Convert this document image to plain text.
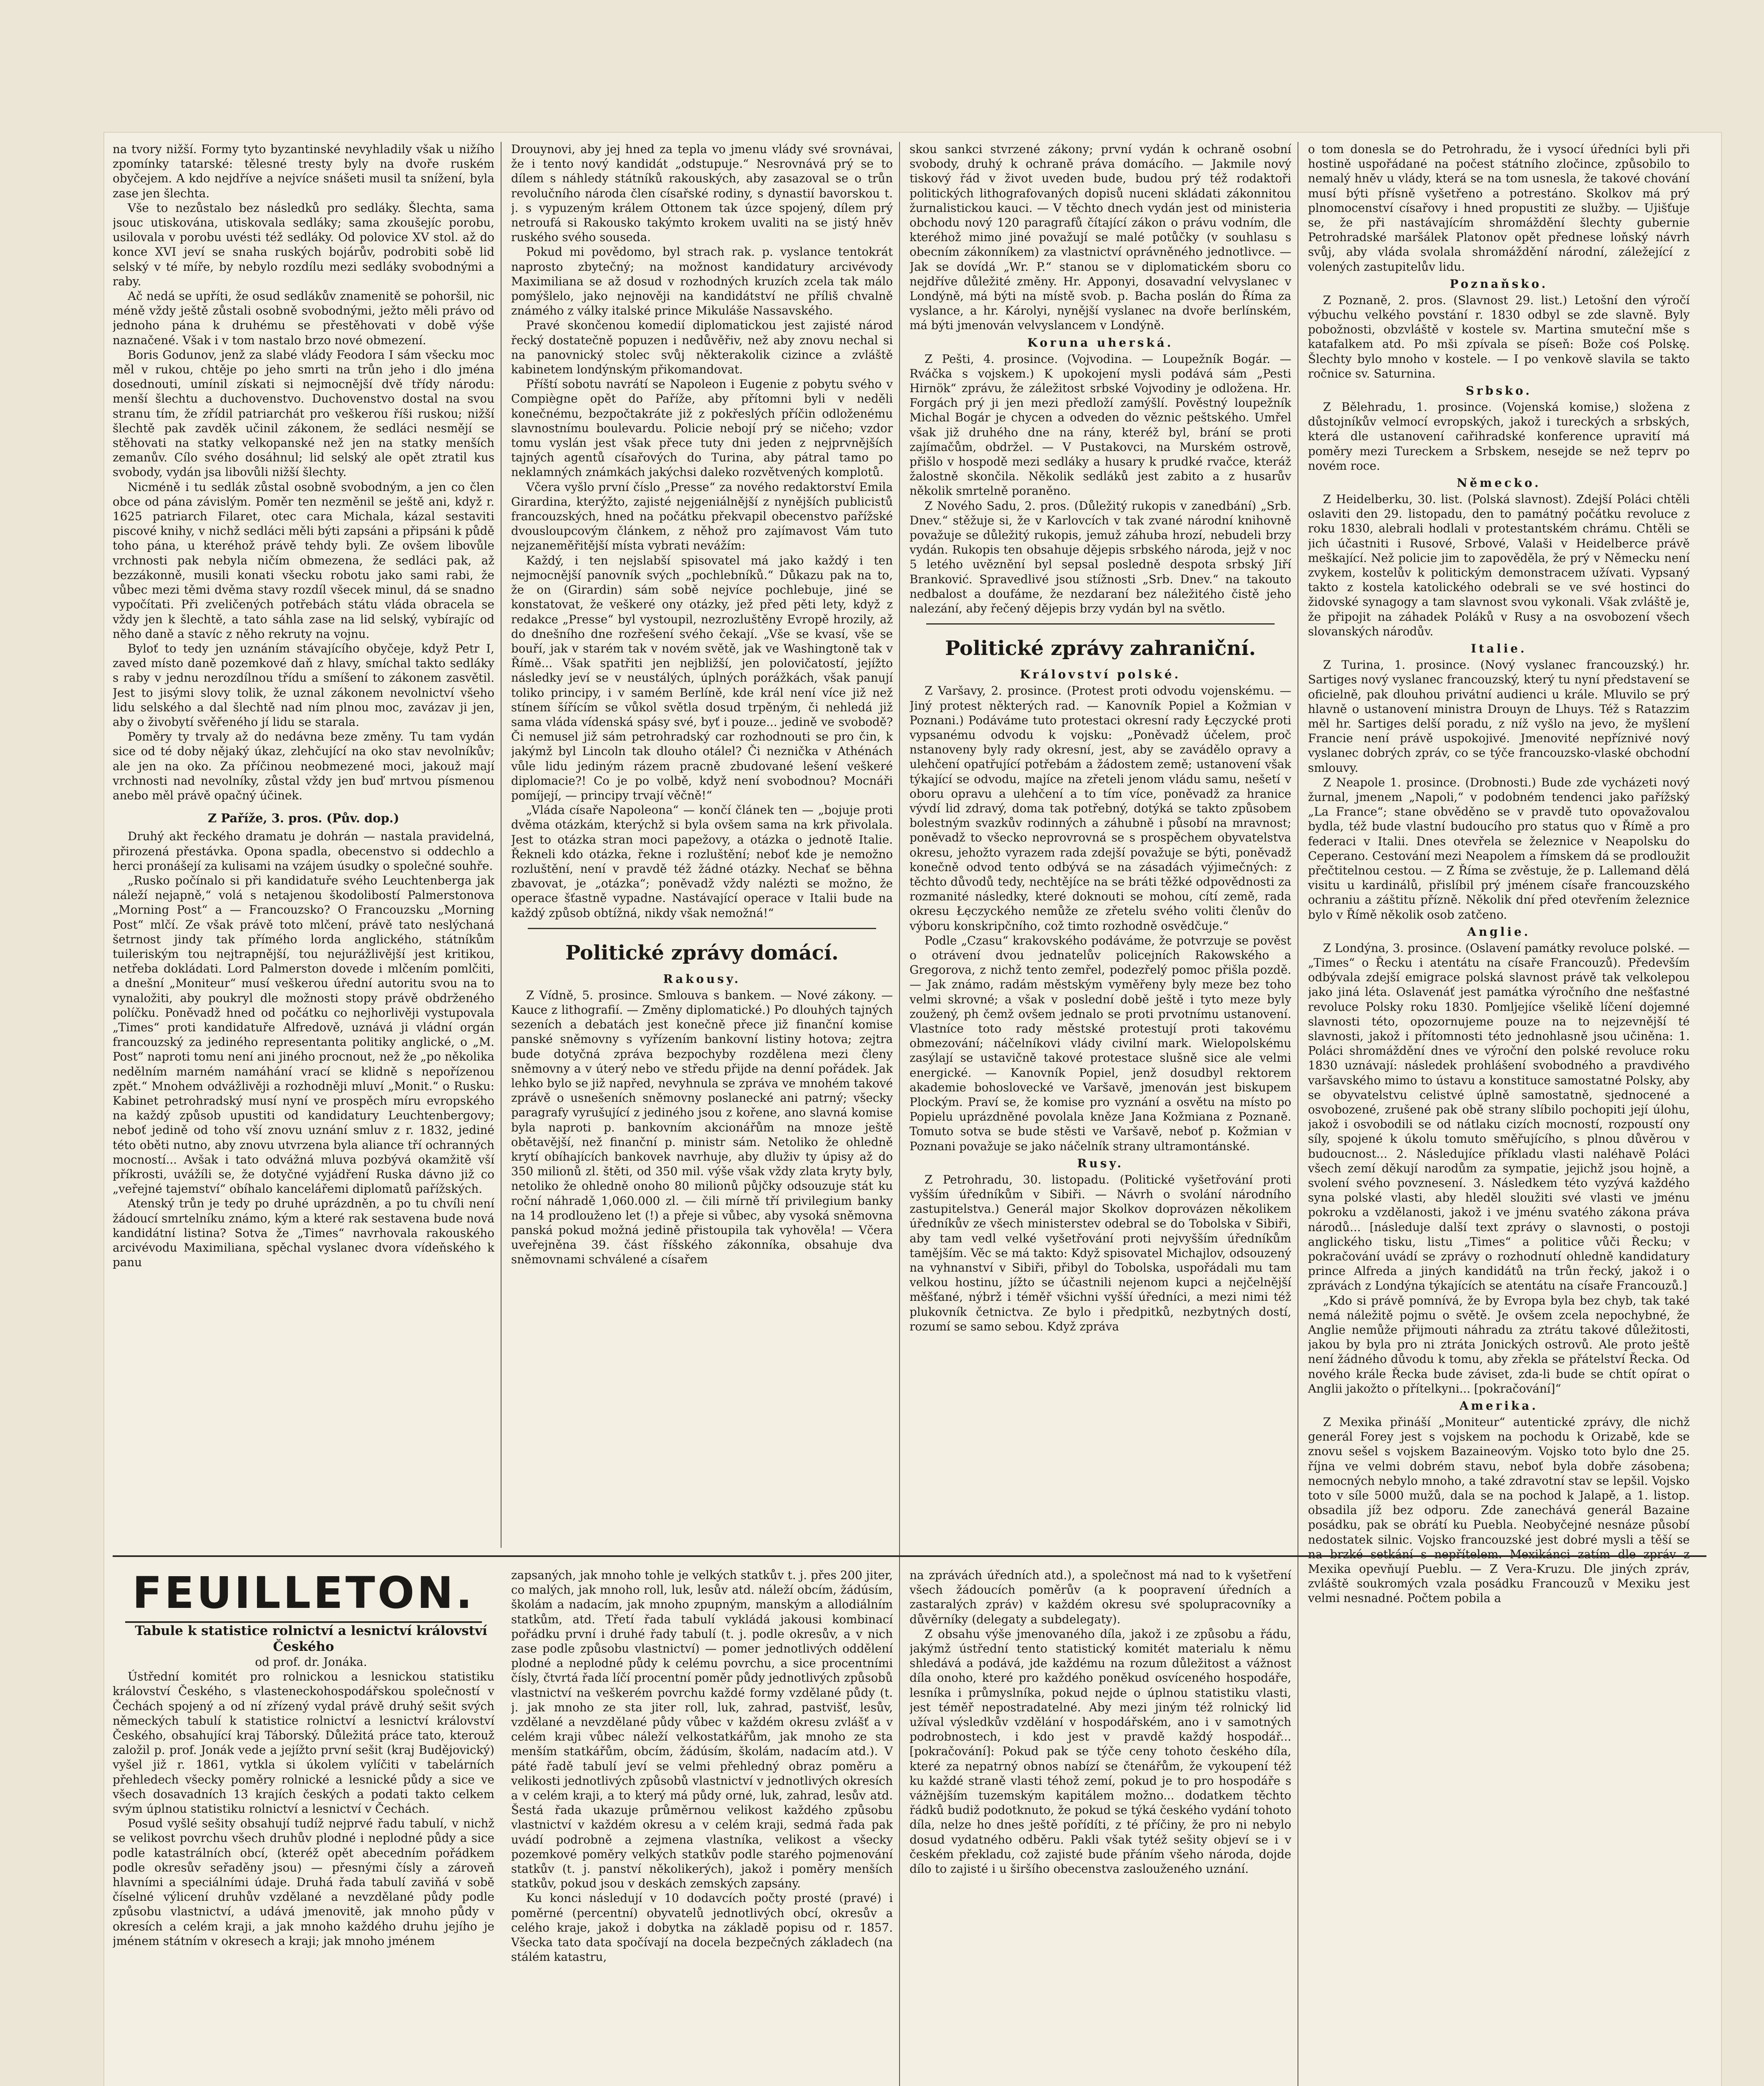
na tvory nižší. Formy tyto byzantinské nevyhladily však u nižího zpomínky tatarské: tělesné tresty byly na dvoře ruském obyčejem. A kdo nejdříve a nejvíce snášeti musil ta snížení, byla zase jen šlechta.

Vše to nezůstalo bez následků pro sedláky. Šlechta, sama jsouc utiskována, utiskovala sedláky; sama zkoušejíc porobu, usilovala v porobu uvésti též sedláky. Od polovice XV stol. až do konce XVI jeví se snaha ruských bojárův, podrobiti sobě lid selský v té míře, by nebylo rozdílu mezi sedláky svobodnými a raby.

Ač nedá se upříti, že osud sedlákův znamenitě se pohoršil, nic méně vždy ještě zůstali osobně svobodnými, ježto měli právo od jednoho pána k druhému se přestěhovati v době výše naznačené. Však i v tom nastalo brzo nové obmezení.

Boris Godunov, jenž za slabé vlády Feodora I sám všecku moc měl v rukou, chtěje po jeho smrti na trůn jeho i dlo jména dosednouti, umínil získati si nejmocnější dvě třídy národu: menší šlechtu a duchovenstvo. Duchovenstvo dostal na svou stranu tím, že zřídil patriarchát pro veškerou říši ruskou; nižší šlechtě pak zavděk učinil zákonem, že sedláci nesmějí se stěhovati na statky velkopanské než jen na statky menších zemanův. Cílo svého dosáhnul; lid selský ale opět ztratil kus svobody, vydán jsa libovůli nižší šlechty.

Nicméně i tu sedlák zůstal osobně svobodným, a jen co člen obce od pána závislým. Poměr ten nezměnil se ještě ani, když r. 1625 patriarch Filaret, otec cara Michala, kázal sestaviti piscové knihy, v nichž sedláci měli býti zapsáni a připsáni k půdě toho pána, u kteréhož právě tehdy byli. Ze ovšem libovůle vrchnosti pak nebyla ničím obmezena, že sedláci pak, až bezzákonně, musili konati všecku robotu jako sami rabi, že vůbec mezi těmi dvěma stavy rozdíl všecek minul, dá se snadno vypočítati. Při zveličených potřebách státu vláda obracela se vždy jen k šlechtě, a tato sáhla zase na lid selský, vybírajíc od něho daně a stavíc z něho rekruty na vojnu.

Byloť to tedy jen uznáním stávajícího obyčeje, když Petr I, zaved místo daně pozemkové daň z hlavy, smíchal takto sedláky s raby v jednu nerozdílnou třídu a smíšení to zákonem zasvětil. Jest to jisými slovy tolik, že uznal zákonem nevolnictví všeho lidu selského a dal šlechtě nad ním plnou moc, zavázav ji jen, aby o živobytí svěřeného jí lidu se starala.

Poměry ty trvaly až do nedávna beze změny. Tu tam vydán sice od té doby nějaký úkaz, zlehčující na oko stav nevolníkův; ale jen na oko. Za příčinou neobmezené moci, jakouž mají vrchnosti nad nevolníky, zůstal vždy jen buď mrtvou písmenou anebo měl právě opačný účinek.

Z Paříže, 3. pros. (Pův. dop.)

Druhý akt řeckého dramatu je dohrán — nastala pravidelná, přirozená přestávka. Opona spadla, obecenstvo si oddechlo a herci pronášejí za kulisami na vzájem úsudky o společné souhře.

„Rusko počínalo si při kandidatuře svého Leuchtenberga jak náleží nejapně,“ volá s netajenou škodolibostí Palmerstonova „Morning Post“ a — Francouzsko? O Francouzsku „Morning Post“ mlčí. Ze však právě toto mlčení, právě tato neslýchaná šetrnost jindy tak přímého lorda anglického, státníkům tuileriským tou nejtrapnější, tou nejurážlivější jest kritikou, netřeba dokládati. Lord Palmerston dovede i mlčením pomlčiti, a dnešní „Moniteur“ musí veškerou úřední autoritu svou na to vynaložiti, aby poukryl dle možnosti stopy právě obdrženého políčku. Poněvadž hned od počátku co nejhorlivěji vystupovala „Times“ proti kandidatuře Alfredově, uznává ji vládní orgán francouzský za jediného representanta politiky anglické, o „M. Post“ naproti tomu není ani jiného procnout, než že „po několika nedělním marném namáhání vrací se klidně s nepořízenou zpět.“ Mnohem odvážlivěji a rozhodněji mluví „Monit.“ o Rusku: Kabinet petrohradský musí nyní ve prospěch míru evropského na každý způsob upustiti od kandidatury Leuchtenbergovy; neboť jedině od toho vší znovu uznání smluv z r. 1832, jediné této oběti nutno, aby znovu utvrzena byla aliance tří ochranných mocností... Avšak i tato odvážná mluva pozbývá okamžitě vší příkrosti, uvážíli se, že dotyčné vyjádření Ruska dávno již co „veřejné tajemství“ obíhalo kancelářemi diplomatů pařížských.

Atenský trůn je tedy po druhé uprázdněn, a po tu chvíli není žádoucí smrtelníku známo, kým a které rak sestavena bude nová kandidátní listina? Sotva že „Times“ navrhovala rakouského arcivévodu Maximiliana, spěchal vyslanec dvora vídeňského k panu

Drouynovi, aby jej hned za tepla vo jmenu vlády své srovnávai, že i tento nový kandidát „odstupuje.“ Nesrovnává prý se to dílem s náhledy státníků rakouských, aby zasazoval se o trůn revolučního národa člen císařské rodiny, s dynastií bavorskou t. j. s vypuzeným králem Ottonem tak úzce spojený, dílem prý netroufá si Rakousko takýmto krokem uvaliti na se jistý hněv ruského svého souseda.

Pokud mi povědomo, byl strach rak. p. vyslance tentokrát naprosto zbytečný; na možnost kandidatury arcivévody Maximiliana se až dosud v rozhodných kruzích zcela tak málo pomýšlelo, jako nejnověji na kandidátství ne příliš chvalně známého z války italské prince Mikuláše Nassavského.

Pravé skončenou komedií diplomatickou jest zajisté národ řecký dostatečně popuzen i nedůvěřiv, než aby znovu nechal si na panovnický stolec svůj některakolik cizince a zvláště kabinetem londýnským přikomandovat.

Příští sobotu navrátí se Napoleon i Eugenie z pobytu svého v Compiègne opět do Paříže, aby přítomni byli v neděli konečnému, bezpočtakráte již z pokřeslých příčin odloženému slavnostnímu boulevardu. Policie nebojí prý se ničeho; vzdor tomu vyslán jest však přece tuty dni jeden z nejprvnějších tajných agentů císařových do Turina, aby pátral tamo po neklamných známkách jakýchsi daleko rozvětvených komplotů.

Včera vyšlo první číslo „Presse“ za nového redaktorství Emila Girardina, kterýžto, zajisté nejgeniálnější z nynějších publicistů francouzských, hned na počátku překvapil obecenstvo pařížské dvousloupcovým článkem, z něhož pro zajímavost Vám tuto nejzaneměřitější místa vybrati nevážím:

Každý, i ten nejslabší spisovatel má jako každý i ten nejmocnější panovník svých „pochlebníků.“ Důkazu pak na to, že on (Girardin) sám sobě nejvíce pochlebuje, jiné se konstatovat, že veškeré ony otázky, jež před pěti lety, když z redakce „Presse“ byl vystoupil, nezrozluštěny Evropě hrozily, až do dnešního dne rozřešení svého čekají. „Vše se kvasí, vše se bouří, jak v starém tak v novém světě, jak ve Washingtoně tak v Římě... Však spatřiti jen nejbližší, jen polovičatostí, jejížto následky jeví se v neustálých, úplných porážkách, však panují toliko principy, i v samém Berlíně, kde král není více již než stínem šířícím se vůkol světla dosud trpěným, či nehledá již sama vláda vídenská spásy své, byť i pouze... jedině ve svobodě? Či nemusel již sám petrohradský car rozhodnouti se pro čin, k jakýmž byl Lincoln tak dlouho otálel? Či neznička v Athénách vůle lidu jediným rázem pracně zbudované lešení veškeré diplomacie?! Co je po volbě, když není svobodnou? Mocnáři pomíjejí, — principy trvají věčně!“

„Vláda císaře Napoleona“ — končí článek ten — „bojuje proti dvěma otázkám, kterýchž si byla ovšem sama na krk přivolala. Jest to otázka stran moci papežovy, a otázka o jednotě Italie. Řekneli kdo otázka, řekne i rozluštění; neboť kde je nemožno rozluštění, není v pravdě též žádné otázky. Nechať se běhna zbavovat, je „otázka“; poněvadž vždy nalézti se možno, že operace šťastně vypadne. Nastávající operace v Italii bude na každý způsob obtížná, nikdy však nemožná!“

Politické zprávy domácí.
Rakousy.

Z Vídně, 5. prosince. Smlouva s bankem. — Nové zákony. — Kauce z lithografií. — Změny diplomatické.) Po dlouhých tajných sezeních a debatách jest konečně přece již finanční komise panské sněmovny s vyřízením bankovní listiny hotova; zejtra bude dotyčná zpráva bezpochyby rozdělena mezi členy sněmovny a v úterý nebo ve středu přijde na denní pořádek. Jak lehko bylo se již napřed, nevyhnula se zpráva ve mnohém takové zprávě o usnešeních sněmovny poslanecké ani patrný; všecky paragrafy vyrušující z jediného jsou z kořene, ano slavná komise byla naproti p. bankovním akcionářům na mnoze ještě obětavější, než finanční p. ministr sám. Netoliko že ohledně krytí obíhajících bankovek navrhuje, aby dluživ ty úpisy až do 350 milionů zl. štěti, od 350 mil. výše však vždy zlata kryty byly, netoliko že ohledně onoho 80 milionů půjčky odsouzuje stát ku roční náhradě 1,060.000 zl. — čili mírně tří privilegium banky na 14 prodlouženo let (!) a přeje si vůbec, aby vysoká sněmovna panská pokud možná jedině přistoupila tak vyhověla! — Včera uveřejněna 39. část říšského zákonníka, obsahuje dva sněmovnami schválené a císařem

skou sankci stvrzené zákony; první vydán k ochraně osobní svobody, druhý k ochraně práva domácího. — Jakmile nový tiskový řád v život uveden bude, budou prý též rodaktoři politických lithografovaných dopisů nuceni skládati zákonnitou žurnalistickou kauci. — V těchto dnech vydán jest od ministeria obchodu nový 120 paragrafů čítající zákon o právu vodním, dle kteréhož mimo jiné považují se malé potůčky (v souhlasu s obecním zákonníkem) za vlastnictví oprávněného jednotlivce. — Jak se dovídá „Wr. P.“ stanou se v diplomatickém sboru co nejdříve důležité změny. Hr. Apponyi, dosavadní velvyslanec v Londýně, má býti na místě svob. p. Bacha poslán do Říma za vyslance, a hr. Károlyi, nynější vyslanec na dvoře berlínském, má býti jmenován velvyslancem v Londýně.

Koruna uherská.

Z Pešti, 4. prosince. (Vojvodina. — Loupežník Bogár. — Rváčka s vojskem.) K upokojení mysli podává sám „Pesti Hirnök“ zprávu, že záležitost srbské Vojvodiny je odložena. Hr. Forgách prý ji jen mezi předloží zamýšlí. Pověstný loupežník Michal Bogár je chycen a odveden do věznic peštského. Umřel však již druhého dne na rány, kteréž byl, brání se proti zajímačům, obdržel. — V Pustakovci, na Murském ostrově, přišlo v hospodě mezi sedláky a husary k prudké rvačce, kteráž žalostně skončila. Několik sedláků jest zabito a z husarův několik smrtelně poraněno.

Z Nového Sadu, 2. pros. (Důležitý rukopis v zanedbání) „Srb. Dnev.“ stěžuje si, že v Karlovcích v tak zvané národní knihovně považuje se důležitý rukopis, jemuž záhuba hrozí, nebudeli brzy vydán. Rukopis ten obsahuje dějepis srbského národa, jejž v noc 5 letého uvěznění byl sepsal posledně despota srbský Jiří Branković. Spravedlivé jsou stížnosti „Srb. Dnev.“ na takouto nedbalost a doufáme, že nezdaraní bez náležitého čistě jeho nalezání, aby řečený dějepis brzy vydán byl na světlo.

Politické zprávy zahraniční.
Království polské.

Z Varšavy, 2. prosince. (Protest proti odvodu vojenskému. — Jiný protest některých rad. — Kanovník Popiel a Kožmian v Poznani.) Podáváme tuto protestaci okresní rady Łęczycké proti vypsanému odvodu k vojsku: „Poněvadž účelem, proč nstanoveny byly rady okresní, jest, aby se zavádělo opravy a ulehčení opatřující potřebám a žádostem země; ustanovení však týkající se odvodu, majíce na zřeteli jenom vládu samu, nešetí v oboru opravu a ulehčení a to tím více, poněvadž za hranice vývdí lid zdravý, doma tak potřebný, dotýká se takto způsobem bolestným svazkův rodinných a záhubně i působí na mravnost; poněvadž to všecko neprovrovná se s prospěchem obyvatelstva okresu, jehožto vyrazem rada zdejší považuje se býti, poněvadž konečně odvod tento odbývá se na zásadách výjimečných: z těchto důvodů tedy, nechtějíce na se bráti těžké odpovědnosti za rozmanité následky, které doknouti se mohou, cítí země, rada okresu Łęczyckého nemůže ze zřetelu svého voliti členův do výboru konskripčního, což timto rozhodně osvědčuje.“

Podle „Czasu“ krakovského podáváme, že potvrzuje se pověst o otrávení dvou jednatelův policejních Rakowského a Gregorova, z nichž tento zemřel, podezřelý pomoc přišla pozdě. — Jak známo, radám městským vyměřeny byly meze bez toho velmi skrovné; a však v poslední době ještě i tyto meze byly zoužený, ph čemž ovšem jednalo se proti prvotnímu ustanovení. Vlastníce toto rady městské protestují proti takovému obmezování; náčelníkovi vlády civilní mark. Wielopolskému zasýlají se ustavičně takové protestace slušně sice ale velmi energické. — Kanovník Popiel, jenž dosudbyl rektorem akademie bohoslovecké ve Varšavě, jmenován jest biskupem Plockým. Praví se, že komise pro vyznání a osvětu na místo po Popielu uprázdněné povolala kněze Jana Kožmiana z Poznaně. Tomuto sotva se bude stěsti ve Varšavě, neboť p. Kožmian v Poznani považuje se jako náčelník strany ultramontánské.

Rusy.

Z Petrohradu, 30. listopadu. (Politické vyšetřování proti vyšším úředníkům v Sibiři. — Návrh o svolání národního zastupitelstva.) Generál major Skolkov doprovázen několikem úředníkův ze všech ministerstev odebral se do Tobolska v Sibiři, aby tam vedl velké vyšetřování proti nejvyšším úředníkům tamějším. Věc se má takto: Když spisovatel Michajlov, odsouzený na vyhnanství v Sibiři, přibyl do Tobolska, uspořádali mu tam velkou hostinu, jížto se účastnili nejenom kupci a nejčelnější měšťané, nýbrž i téměř všichni vyšší úředníci, a mezi nimi též plukovník četnictva. Ze bylo i předpitků, nezbytných dostí, rozumí se samo sebou. Když zpráva

o tom donesla se do Petrohradu, že i vysocí úředníci byli při hostině uspořádané na počest státního zločince, způsobilo to nemalý hněv u vlády, která se na tom usnesla, že takové chování musí býti přísně vyšetřeno a potrestáno. Skolkov má prý plnomocenství císařovy i hned propustiti ze služby. — Ujišťuje se, že při nastávajícím shromáždění šlechty gubernie Petrohradské maršálek Platonov opět přednese loňský návrh svůj, aby vláda svolala shromáždění národní, záležející z volených zastupitelův lidu.

Poznaňsko.

Z Poznaně, 2. pros. (Slavnost 29. list.) Letošní den výročí výbuchu velkého povstání r. 1830 odbyl se zde slavně. Byly pobožnosti, obzvláště v kostele sv. Martina smuteční mše s katafalkem atd. Po mši zpívala se píseň: Bože coś Polskę. Šlechty bylo mnoho v kostele. — I po venkově slavila se takto ročnice sv. Saturnina.

Srbsko.

Z Bělehradu, 1. prosince. (Vojenská komise,) složena z důstojníkův velmocí evropských, jakož i tureckých a srbských, která dle ustanovení cařihradské konference upravití má poměry mezi Tureckem a Srbskem, nesejde se než teprv po novém roce.

Německo.

Z Heidelberku, 30. list. (Polská slavnost). Zdejší Poláci chtěli oslaviti den 29. listopadu, den to památný počátku revoluce z roku 1830, alebrali hodlali v protestantském chrámu. Chtěli se jich účastniti i Rusové, Srbové, Valaši v Heidelberce právě meškající. Než policie jim to zapověděla, že prý v Německu není zvykem, kostelův k politickým demonstracem užívati. Vypsaný takto z kostela katolického odebrali se ve své hostinci do židovské synagogy a tam slavnost svou vykonali. Však zvláště je, že připojit na záhadek Poláků v Rusy a na osvobození všech slovanských národův.

Italie.

Z Turina, 1. prosince. (Nový vyslanec francouzský.) hr. Sartiges nový vyslanec francouzský, který tu nyní představení se oficielně, pak dlouhou privátní audienci u krále. Mluvilo se prý hlavně o ustanovení ministra Drouyn de Lhuys. Též s Ratazzim měl hr. Sartiges delší poradu, z níž vyšlo na jevo, že myšlení Francie není právě uspokojivé. Jmenovité nepříznivé nový vyslanec dobrých zpráv, co se týče francouzsko-vlaské obchodní smlouvy.

Z Neapole 1. prosince. (Drobnosti.) Bude zde vycházeti nový žurnal, jmenem „Napoli,“ v podobném tendenci jako pařížský „La France“; stane obvěděno se v pravdě tuto opovažovalou bydla, též bude vlastní budoucího pro status quo v Římě a pro federaci v Italii. Dnes otevřela se železnice v Neapolsku do Ceperano. Cestování mezi Neapolem a římskem dá se prodloužit přečtitelnou cestou. — Z Říma se zvěstuje, že p. Lallemand dělá visitu u kardinálů, přislíbil prý jménem císaře francouzského ochraniu a záštitu přízně. Několik dní před otevřením železnice bylo v Římě několik osob zatčeno.

Anglie.

Z Londýna, 3. prosince. (Oslavení památky revoluce polské. — „Times“ o Řecku i atentátu na císaře Francouzů). Především odbývala zdejší emigrace polská slavnost právě tak velkolepou jako jiná léta. Oslavenáť jest památka výročního dne nešťastné revoluce Polsky roku 1830. Pomljejíce všelikě líčení dojemné slavnosti této, opozornujeme pouze na to nejzevnější té slavnosti, jakož i přítomnosti této jednohlasně jsou učiněna: 1. Poláci shromáždění dnes ve výroční den polské revoluce roku 1830 uznávají: následek prohlášení svobodného a pravdivého varšavského mimo to ústavu a konstituce samostatné Polsky, aby se obyvatelstvu celistvé úplně samostatně, sjednocené a osvobozené, zrušené pak obě strany slíbilo pochopiti její úlohu, jakož i osvobodili se od nátlaku cizích mocností, rozpoustí ony síly, spojené k úkolu tomuto směřujícího, s plnou důvěrou v budoucnost... 2. Následujíce příkladu vlasti naléhavě Poláci všech zemí děkují narodům za sympatie, jejichž jsou hojně, a svolení svého povznesení. 3. Následkem této vyzývá každého syna polské vlasti, aby hleděl sloužiti své vlasti ve jménu pokroku a vzdělanosti, jakož i ve jménu svatého zákona práva národů... [následuje další text zprávy o slavnosti, o postoji anglického tisku, listu „Times“ a politice vůči Řecku; v pokračování uvádí se zprávy o rozhodnutí ohledně kandidatury prince Alfreda a jiných kandidátů na trůn řecký, jakož i o zprávách z Londýna týkajících se atentátu na císaře Francouzů.]

„Kdo si právě pomnívá, že by Evropa byla bez chyb, tak také nemá náležitě pojmu o světě. Je ovšem zcela nepochybné, že Anglie nemůže přijmouti náhradu za ztrátu takové důležitosti, jakou by byla pro ni ztráta Jonických ostrovů. Ale proto ještě není žádného důvodu k tomu, aby zřekla se přátelství Řecka. Od nového krále Řecka bude záviset, zda-li bude se chtít opírat o Anglii jakožto o přítelkyni... [pokračování]“

Amerika.

Z Mexika přináší „Moniteur“ autentické zprávy, dle nichž generál Forey jest s vojskem na pochodu k Orizabě, kde se znovu sešel s vojskem Bazaineovým. Vojsko toto bylo dne 25. října ve velmi dobrém stavu, neboť byla dobře zásobena; nemocných nebylo mnoho, a také zdravotní stav se lepšil. Vojsko toto v síle 5000 mužů, dala se na pochod k Jalapě, a 1. listop. obsadila jíž bez odporu. Zde zanechává generál Bazaine posádku, pak se obrátí ku Puebla. Neobyčejné nesnáze působí nedostatek silnic. Vojsko francouzské jest dobré mysli a těší se na brzké setkání s nepřítelem. Mexikánci zatím dle zpráv z Mexika opevňují Pueblu. — Z Vera-Kruzu. Dle jiných zpráv, zvláště soukromých vzala posádku Francouzů v Mexiku jest velmi nesnadné. Počtem pobila a

FEUILLETON.

Tabule k statistice rolnictví a lesnictví království Českého

od prof. dr. Jonáka.

Ústřední komitét pro rolnickou a lesnickou statistiku království Českého, s vlasteneckohospodářskou společností v Čechách spojený a od ní zřízený vydal právě druhý sešit svých německých tabulí k statistice rolnictví a lesnictví království Českého, obsahující kraj Táborský. Důležitá práce tato, kterouž založil p. prof. Jonák vede a jejížto první sešit (kraj Budějovický) vyšel již r. 1861, vytkla si úkolem vylíčiti v tabelárních přehledech všecky poměry rolnické a lesnické půdy a sice ve všech dosavadních 13 krajích českých a podati takto celkem svým úplnou statistiku rolnictví a lesnictví v Čechách.

Posud vyšlé sešity obsahují tudíž nejprvé řadu tabulí, v nichž se velikost povrchu všech druhův plodné i neplodné půdy a sice podle katastrálních obcí, (kteréž opět abecedním pořádkem podle okresův seřaděny jsou) — přesnými čísly a zároveň hlavními a speciálními údaje. Druhá řada tabulí zaviňá v sobě číselné výlicení druhův vzdělané a nevzdělané půdy podle způsobu vlastnictví, a udává jmenovitě, jak mnoho půdy v okresích a celém kraji, a jak mnoho každého druhu jejího je jménem státním v okresech a kraji; jak mnoho jménem

zapsaných, jak mnoho tohle je velkých statkův t. j. přes 200 jiter, co malých, jak mnoho roll, luk, lesův atd. náleží obcím, žádúsím, školám a nadacím, jak mnoho zpupným, manským a allodiálním statkům, atd. Třetí řada tabulí vykládá jakousi kombinací pořádku první i druhé řady tabulí (t. j. podle okresův, a v nich zase podle způsobu vlastnictví) — pomer jednotlivých oddělení plodné a neplodné půdy k celému povrchu, a sice procentními čísly, čtvrtá řada líčí procentní poměr půdy jednotlivých způsobů vlastnictví na veškerém povrchu každé formy vzdělané půdy (t. j. jak mnoho ze sta jiter roll, luk, zahrad, pastvišť, lesův, vzdělané a nevzdělané půdy vůbec v každém okresu zvlášť a v celém kraji vůbec náleží velkostatkářům, jak mnoho ze sta menším statkářům, obcím, žádúsím, školám, nadacím atd.). V páté řadě tabulí jeví se velmi přehledný obraz poměru a velikosti jednotlivých způsobů vlastnictví v jednotlivých okresích a v celém kraji, a to který má půdy orné, luk, zahrad, lesův atd. Šestá řada ukazuje průměrnou velikost každého způsobu vlastnictví v každém okresu a v celém kraji, sedmá řada pak uvádí podrobně a zejmena vlastníka, velikost a všecky pozemkové poměry velkých statkův podle starého pojmenování statkův (t. j. panství několikerých), jakož i poměry menších statkův, pokud jsou v deskách zemských zapsány.

Ku konci následují v 10 dodavcích počty prosté (pravé) i poměrné (percentní) obyvatelů jednotlivých obcí, okresův a celého kraje, jakož i dobytka na základě popisu od r. 1857. Všecka tato data spočívají na docela bezpečných základech (na stálém katastru,

na zprávách úředních atd.), a společnost má nad to k vyšetření všech žádoucích poměrův (a k poopravení úředních a zastaralých zpráv) v každém okresu své spolupracovníky a důvěrníky (delegaty a subdelegaty).

Z obsahu výše jmenovaného díla, jakož i ze způsobu a řádu, jakýmž ústřední tento statistický komitét materialu k němu shledává a podává, jde každému na rozum důležitost a vážnost díla onoho, které pro každého poněkud osvíceného hospodáře, lesníka i průmyslníka, pokud nejde o úplnou statistiku vlasti, jest téměř nepostradatelné. Aby mezi jiným též rolnický lid užíval výsledkův vzdělání v hospodářském, ano i v samotných podrobnostech, i kdo jest v pravdě každý hospodář... [pokračování]: Pokud pak se týče ceny tohoto českého díla, které za nepatrný obnos nabízí se čtenářům, že vykoupení též ku každé straně vlasti téhož zemí, pokud je to pro hospodáře s vážnějším tuzemským kapitálem možno... dodatkem těchto řádků budiž podotknuto, že pokud se týká českého vydání tohoto díla, nelze ho dnes ještě pořídíti, z té příčiny, že pro ni nebylo dosud vydatného odběru. Pakli však tytéž sešity objeví se i v českém překladu, což zajisté bude přáním všeho národa, dojde dílo to zajisté i u širšího obecenstva zaslouženého uznání.
